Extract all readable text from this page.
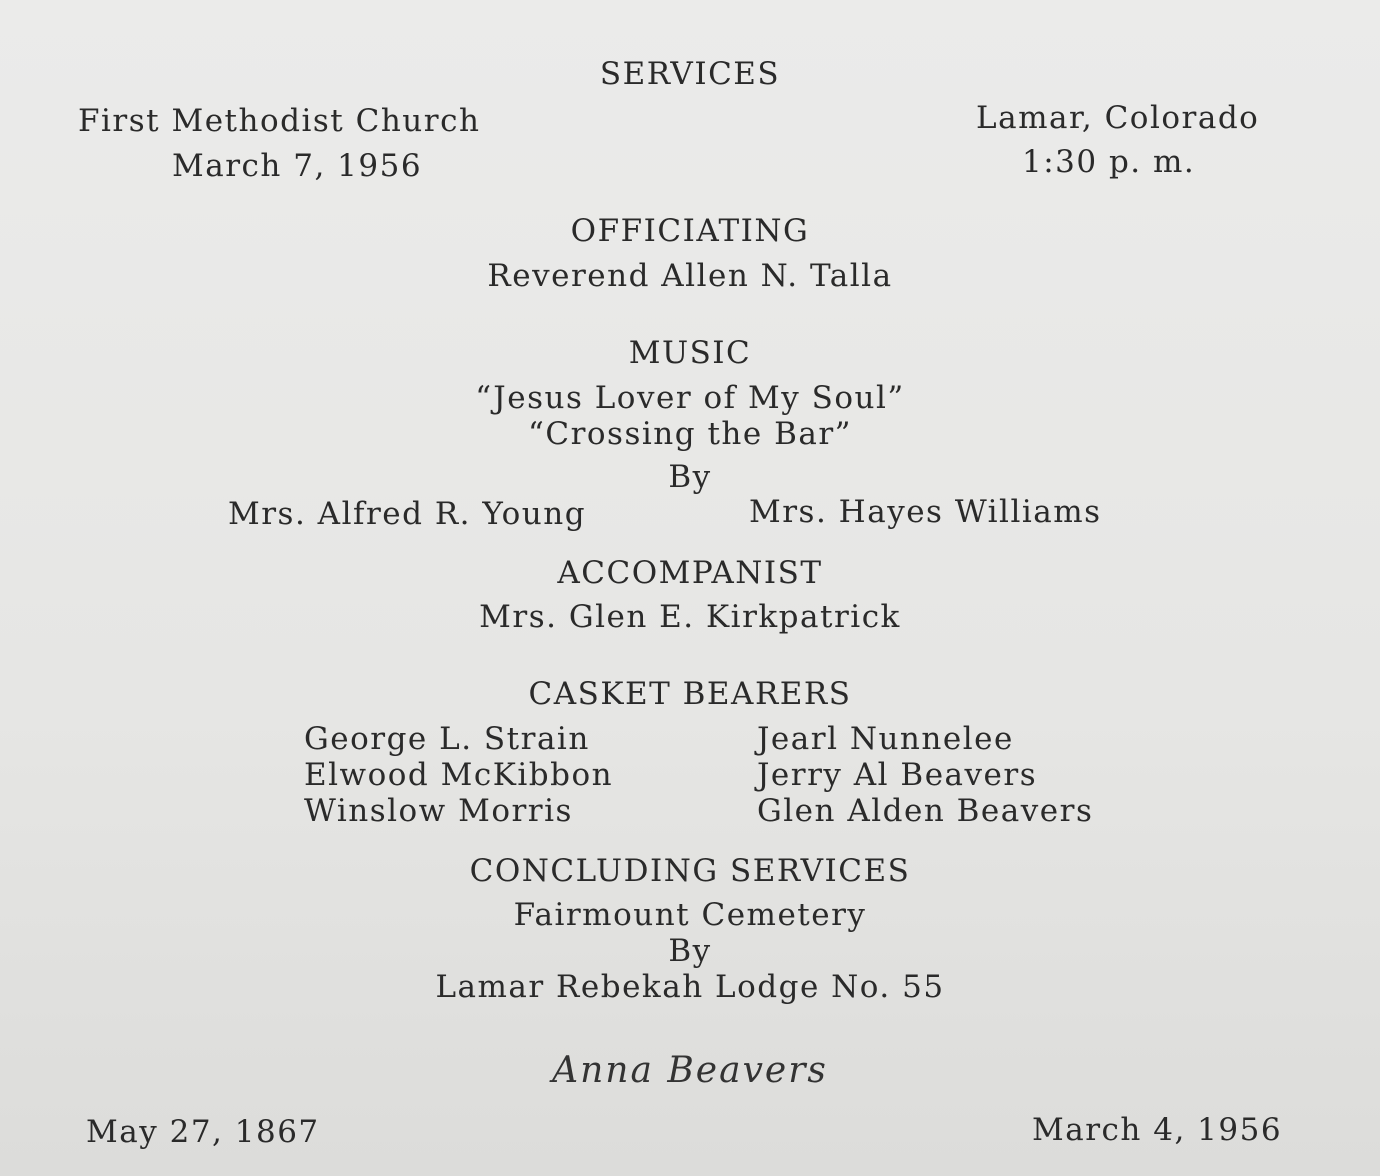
SERVICES
First Methodist Church
March 7, 1956
Lamar, Colorado
1:30 p. m.
OFFICIATING
Reverend Allen N. Talla
MUSIC
“Jesus Lover of My Soul”
“Crossing the Bar”
By
Mrs. Alfred R. Young	Mrs. Hayes Williams
ACCOMPANIST
Mrs. Glen E. Kirkpatrick
CASKET BEARERS
George L. Strain
Elwood McKibbon
Winslow Morris
Jearl Nunnelee
Jerry Al Beavers
Glen Alden Beavers
CONCLUDING SERVICES
Fairmount Cemetery
By
Lamar Rebekah Lodge No. 55
Anna Beavers
May 27, 1867	March 4, 1956
